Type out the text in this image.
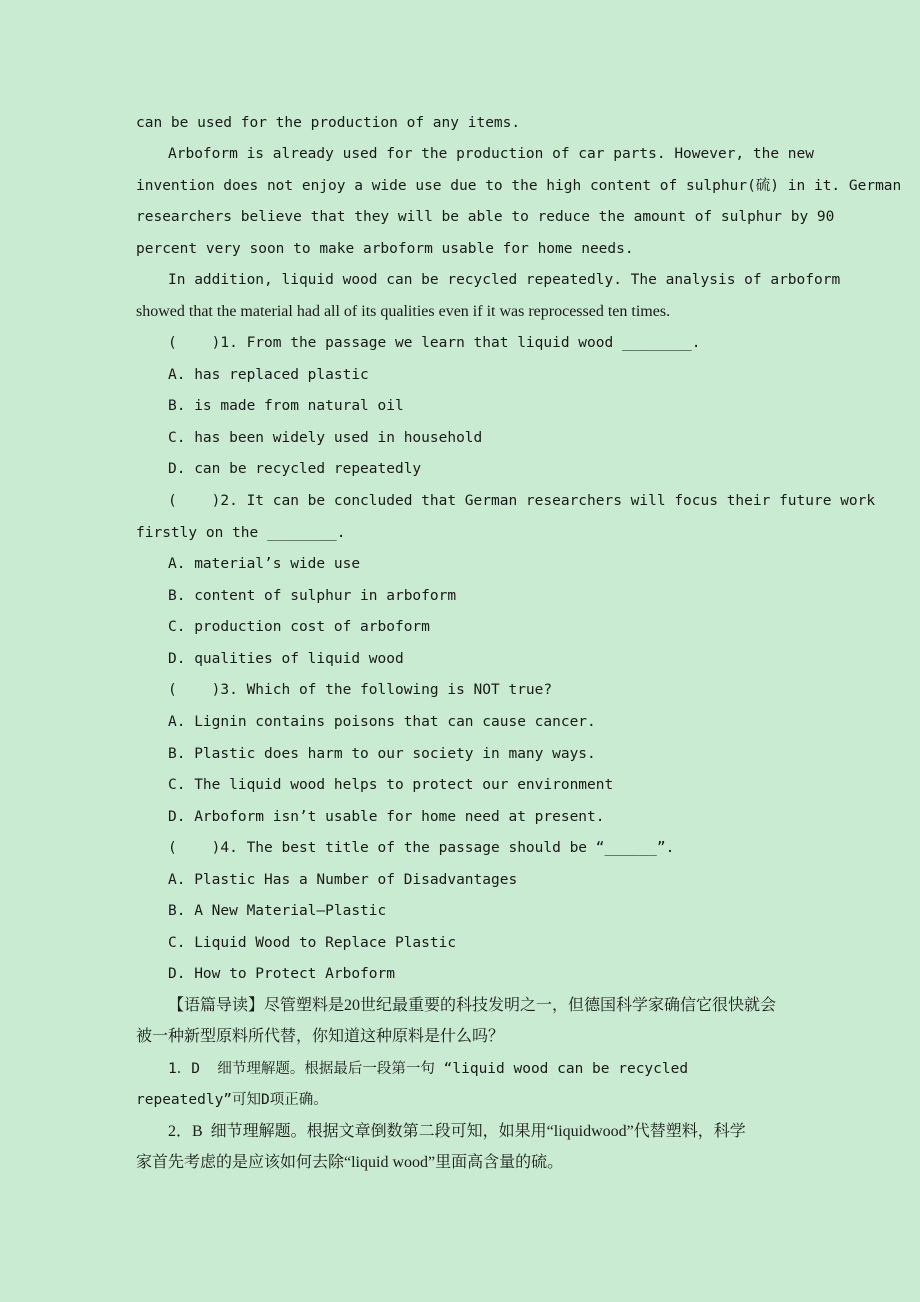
can be used for the production of any items.
Arboform is already used for the production of car parts. However, the new
invention does not enjoy a wide use due to the high content of sulphur(硫) in it. German
researchers believe that they will be able to reduce the amount of sulphur by 90
percent very soon to make arboform usable for home needs.
In addition, liquid wood can be recycled repeatedly. The analysis of arboform
showed that the material had all of its qualities even if it was reprocessed ten times.
(    )1. From the passage we learn that liquid wood ________.
A. has replaced plastic
B. is made from natural oil
C. has been widely used in household
D. can be recycled repeatedly
(    )2. It can be concluded that German researchers will focus their future work
firstly on the ________.
A. material’s wide use
B. content of sulphur in arboform
C. production cost of arboform
D. qualities of liquid wood
(    )3. Which of the following is NOT true?
A. Lignin contains poisons that can cause cancer.
B. Plastic does harm to our society in many ways.
C. The liquid wood helps to protect our environment
D. Arboform isn’t usable for home need at present.
(    )4. The best title of the passage should be “______”.
A. Plastic Has a Number of Disadvantages
B. A New Material—Plastic
C. Liquid Wood to Replace Plastic
D. How to Protect Arboform
【语篇导读】尽管塑料是20世纪最重要的科技发明之一，但德国科学家确信它很快就会
被一种新型原料所代替，你知道这种原料是什么吗？
1．D  细节理解题。根据最后一段第一句 “liquid wood can be recycled
repeatedly”可知D项正确。
2．B  细节理解题。根据文章倒数第二段可知，如果用“liquidwood”代替塑料，科学
家首先考虑的是应该如何去除“liquid wood”里面高含量的硫。
